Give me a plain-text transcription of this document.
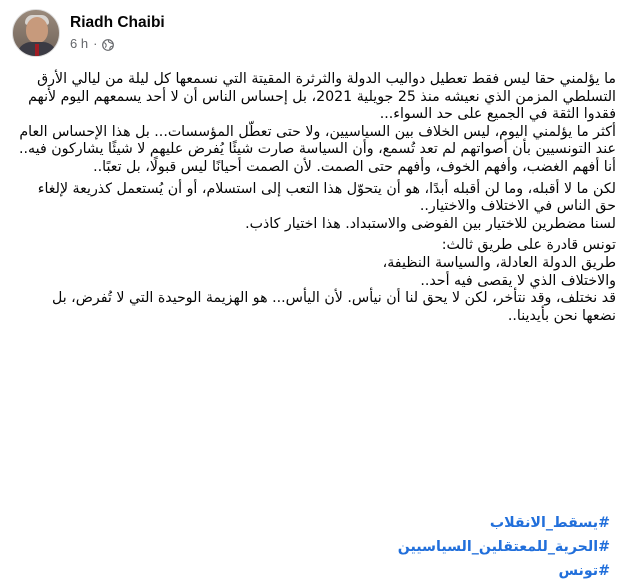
Riadh Chaibi
6 h ·

ما يؤلمني حقا ليس فقط تعطيل دواليب الدولة والثرثرة المقيتة التي نسمعها كل ليلة من ليالي الأرق التسلطي المزمن الذي نعيشه منذ 25 جويلية 2021، بل إحساس الناس أن لا أحد يسمعهم اليوم لأنهم فقدوا الثقة في الجميع على حد السواء...

أكثر ما يؤلمني اليوم، ليس الخلاف بين السياسيين، ولا حتى تعطّل المؤسسات... بل هذا الإحساس العام عند التونسيين بأن أصواتهم لم تعد تُسمع، وأن السياسة صارت شيئًا يُفرض عليهم لا شيئًا يشاركون فيه..

أنا أفهم الغضب، وأفهم الخوف، وأفهم حتى الصمت. لأن الصمت أحيانًا ليس قبولًا، بل تعبًا..

لكن ما لا أقبله، وما لن أقبله أبدًا، هو أن يتحوّل هذا التعب إلى استسلام، أو أن يُستعمل كذريعة لإلغاء حق الناس في الاختلاف والاختيار..

لسنا مضطرين للاختيار بين الفوضى والاستبداد. هذا اختيار كاذب.

تونس قادرة على طريق ثالث:

طريق الدولة العادلة، والسياسة النظيفة،

والاختلاف الذي لا يقصى فيه أحد..

قد نختلف، وقد نتأخر، لكن لا يحق لنا أن نيأس. لأن اليأس... هو الهزيمة الوحيدة التي لا تُفرض، بل نضعها نحن بأيدينا..

#يسقط_الانقلاب
#الحرية_للمعتقلين_السياسيين
#تونس
